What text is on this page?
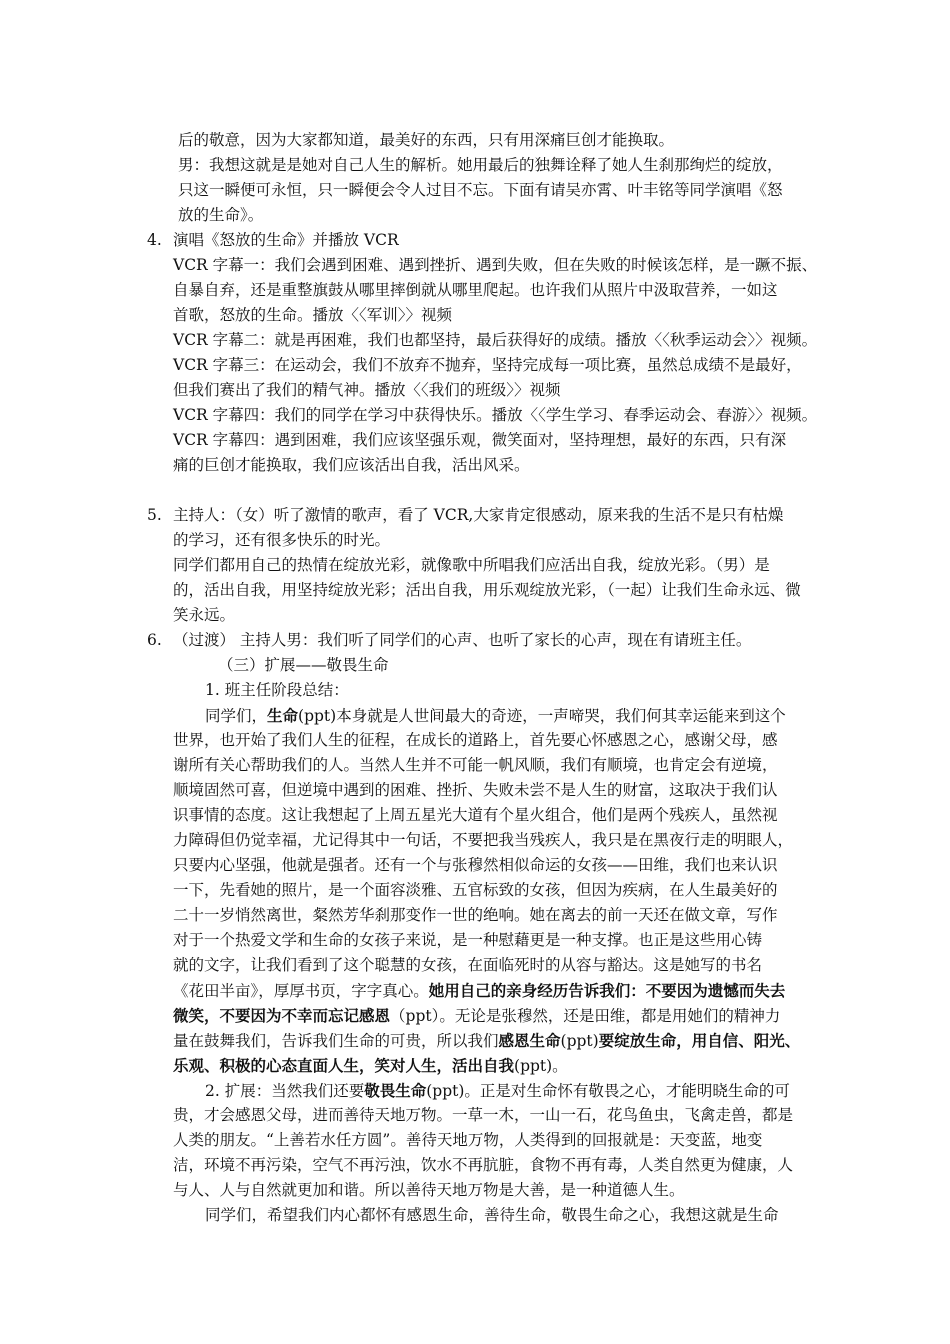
后的敬意，因为大家都知道，最美好的东西，只有用深痛巨创才能换取。
男：我想这就是是她对自己人生的解析。她用最后的独舞诠释了她人生刹那绚烂的绽放，
只这一瞬便可永恒，只一瞬便会令人过目不忘。下面有请吴亦霄、叶丰铭等同学演唱《怒
放的生命》。
4. 演唱《怒放的生命》并播放 VCR
VCR 字幕一：我们会遇到困难、遇到挫折、遇到失败，但在失败的时候该怎样，是一蹶不振、
自暴自弃，还是重整旗鼓从哪里摔倒就从哪里爬起。也许我们从照片中汲取营养，一如这
首歌，怒放的生命。播放〈〈军训〉〉视频
VCR 字幕二：就是再困难，我们也都坚持，最后获得好的成绩。播放〈〈秋季运动会〉〉视频。
VCR 字幕三：在运动会，我们不放弃不抛弃，坚持完成每一项比赛，虽然总成绩不是最好，
但我们赛出了我们的精气神。播放〈〈我们的班级〉〉视频
VCR 字幕四：我们的同学在学习中获得快乐。播放〈〈学生学习、春季运动会、春游〉〉视频。
VCR 字幕四：遇到困难，我们应该坚强乐观，微笑面对，坚持理想，最好的东西，只有深
痛的巨创才能换取，我们应该活出自我，活出风采。
5. 主持人：（女）听了激情的歌声，看了 VCR,大家肯定很感动，原来我的生活不是只有枯燥
的学习，还有很多快乐的时光。
同学们都用自己的热情在绽放光彩，就像歌中所唱我们应活出自我，绽放光彩。（男）是
的，活出自我，用坚持绽放光彩；活出自我，用乐观绽放光彩，（一起）让我们生命永远、微
笑永远。
6. （过渡） 主持人男：我们听了同学们的心声、也听了家长的心声，现在有请班主任。
（三）扩展——敬畏生命
1. 班主任阶段总结：
同学们，生命(ppt)本身就是人世间最大的奇迹，一声啼哭，我们何其幸运能来到这个
世界，也开始了我们人生的征程，在成长的道路上，首先要心怀感恩之心，感谢父母，感
谢所有关心帮助我们的人。当然人生并不可能一帆风顺，我们有顺境，也肯定会有逆境，
顺境固然可喜，但逆境中遇到的困难、挫折、失败未尝不是人生的财富，这取决于我们认
识事情的态度。这让我想起了上周五星光大道有个星火组合，他们是两个残疾人，虽然视
力障碍但仍觉幸福，尤记得其中一句话，不要把我当残疾人，我只是在黑夜行走的明眼人，
只要内心坚强，他就是强者。还有一个与张穆然相似命运的女孩——田维，我们也来认识
一下，先看她的照片，是一个面容淡雅、五官标致的女孩，但因为疾病，在人生最美好的
二十一岁悄然离世，粲然芳华刹那变作一世的绝响。她在离去的前一天还在做文章，写作
对于一个热爱文学和生命的女孩子来说，是一种慰藉更是一种支撑。也正是这些用心铸
就的文字，让我们看到了这个聪慧的女孩，在面临死时的从容与豁达。这是她写的书名
《花田半亩》，厚厚书页，字字真心。她用自己的亲身经历告诉我们：不要因为遗憾而失去
微笑，不要因为不幸而忘记感恩（ppt）。无论是张穆然，还是田维，都是用她们的精神力
量在鼓舞我们，告诉我们生命的可贵，所以我们感恩生命(ppt)要绽放生命，用自信、阳光、
乐观、积极的心态直面人生，笑对人生，活出自我(ppt)。
2. 扩展：当然我们还要敬畏生命(ppt)。正是对生命怀有敬畏之心，才能明晓生命的可
贵，才会感恩父母，进而善待天地万物。一草一木，一山一石，花鸟鱼虫，飞禽走兽，都是
人类的朋友。“上善若水任方圆”。善待天地万物，人类得到的回报就是：天变蓝，地变
洁，环境不再污染，空气不再污浊，饮水不再肮脏，食物不再有毒，人类自然更为健康，人
与人、人与自然就更加和谐。所以善待天地万物是大善，是一种道德人生。
同学们，希望我们内心都怀有感恩生命，善待生命，敬畏生命之心，我想这就是生命
